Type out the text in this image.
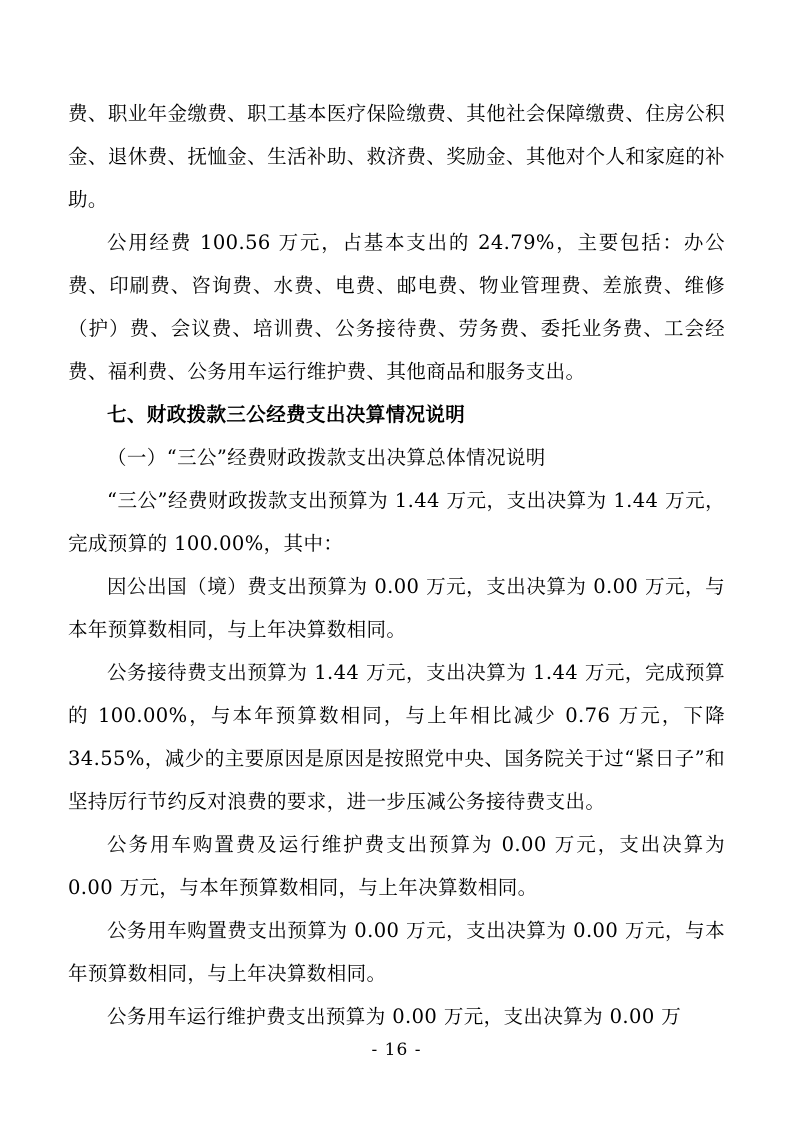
费、职业年金缴费、职工基本医疗保险缴费、其他社会保障缴费、住房公积金、退休费、抚恤金、生活补助、救济费、奖励金、其他对个人和家庭的补助。

公用经费 100.56 万元，占基本支出的 24.79%，主要包括：办公费、印刷费、咨询费、水费、电费、邮电费、物业管理费、差旅费、维修（护）费、会议费、培训费、公务接待费、劳务费、委托业务费、工会经费、福利费、公务用车运行维护费、其他商品和服务支出。

七、财政拨款三公经费支出决算情况说明

（一）“三公”经费财政拨款支出决算总体情况说明

“三公”经费财政拨款支出预算为 1.44 万元，支出决算为 1.44 万元，完成预算的 100.00%，其中：

因公出国（境）费支出预算为 0.00 万元，支出决算为 0.00 万元，与本年预算数相同，与上年决算数相同。

公务接待费支出预算为 1.44 万元，支出决算为 1.44 万元，完成预算的 100.00%，与本年预算数相同，与上年相比减少 0.76 万元，下降 34.55%，减少的主要原因是原因是按照党中央、国务院关于过“紧日子”和坚持厉行节约反对浪费的要求，进一步压减公务接待费支出。

公务用车购置费及运行维护费支出预算为 0.00 万元，支出决算为 0.00 万元，与本年预算数相同，与上年决算数相同。

公务用车购置费支出预算为 0.00 万元，支出决算为 0.00 万元，与本年预算数相同，与上年决算数相同。

公务用车运行维护费支出预算为 0.00 万元，支出决算为 0.00 万

- 16 -
